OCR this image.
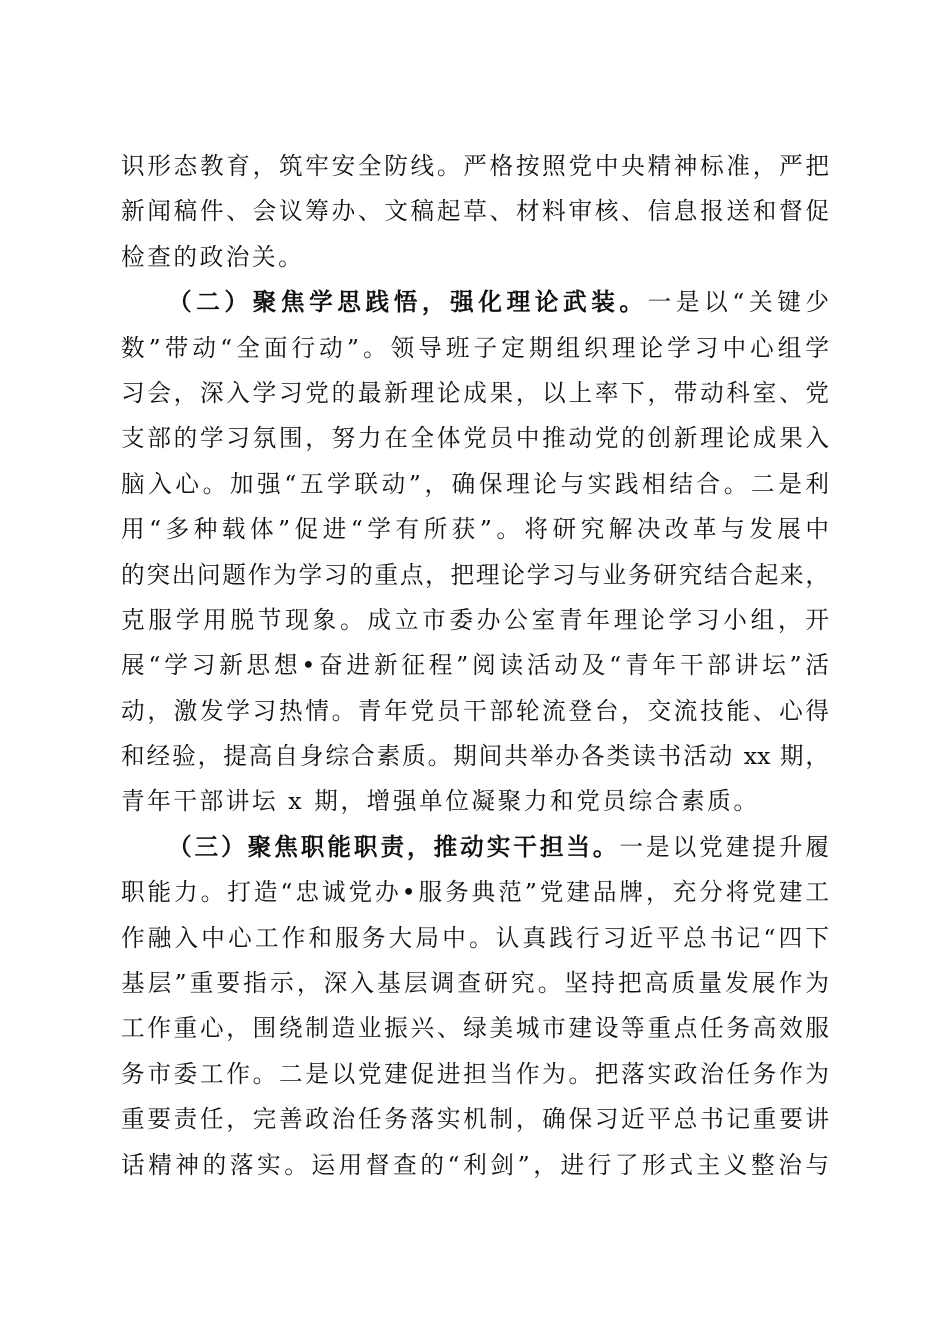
识形态教育，筑牢安全防线。严格按照党中央精神标准，严把
新闻稿件、会议筹办、文稿起草、材料审核、信息报送和督促
检查的政治关。
（二）聚焦学思践悟，强化理论武装。一是以“关键少
数”带动“全面行动”。领导班子定期组织理论学习中心组学
习会，深入学习党的最新理论成果，以上率下，带动科室、党
支部的学习氛围，努力在全体党员中推动党的创新理论成果入
脑入心。加强“五学联动”，确保理论与实践相结合。二是利
用“多种载体”促进“学有所获”。将研究解决改革与发展中
的突出问题作为学习的重点，把理论学习与业务研究结合起来，
克服学用脱节现象。成立市委办公室青年理论学习小组，开
展“学习新思想•奋进新征程”阅读活动及“青年干部讲坛”活
动，激发学习热情。青年党员干部轮流登台，交流技能、心得
和经验，提高自身综合素质。期间共举办各类读书活动 xx 期，
青年干部讲坛 x 期，增强单位凝聚力和党员综合素质。
（三）聚焦职能职责，推动实干担当。一是以党建提升履
职能力。打造“忠诚党办•服务典范”党建品牌，充分将党建工
作融入中心工作和服务大局中。认真践行习近平总书记“四下
基层”重要指示，深入基层调查研究。坚持把高质量发展作为
工作重心，围绕制造业振兴、绿美城市建设等重点任务高效服
务市委工作。二是以党建促进担当作为。把落实政治任务作为
重要责任，完善政治任务落实机制，确保习近平总书记重要讲
话精神的落实。运用督查的“利剑”，进行了形式主义整治与
